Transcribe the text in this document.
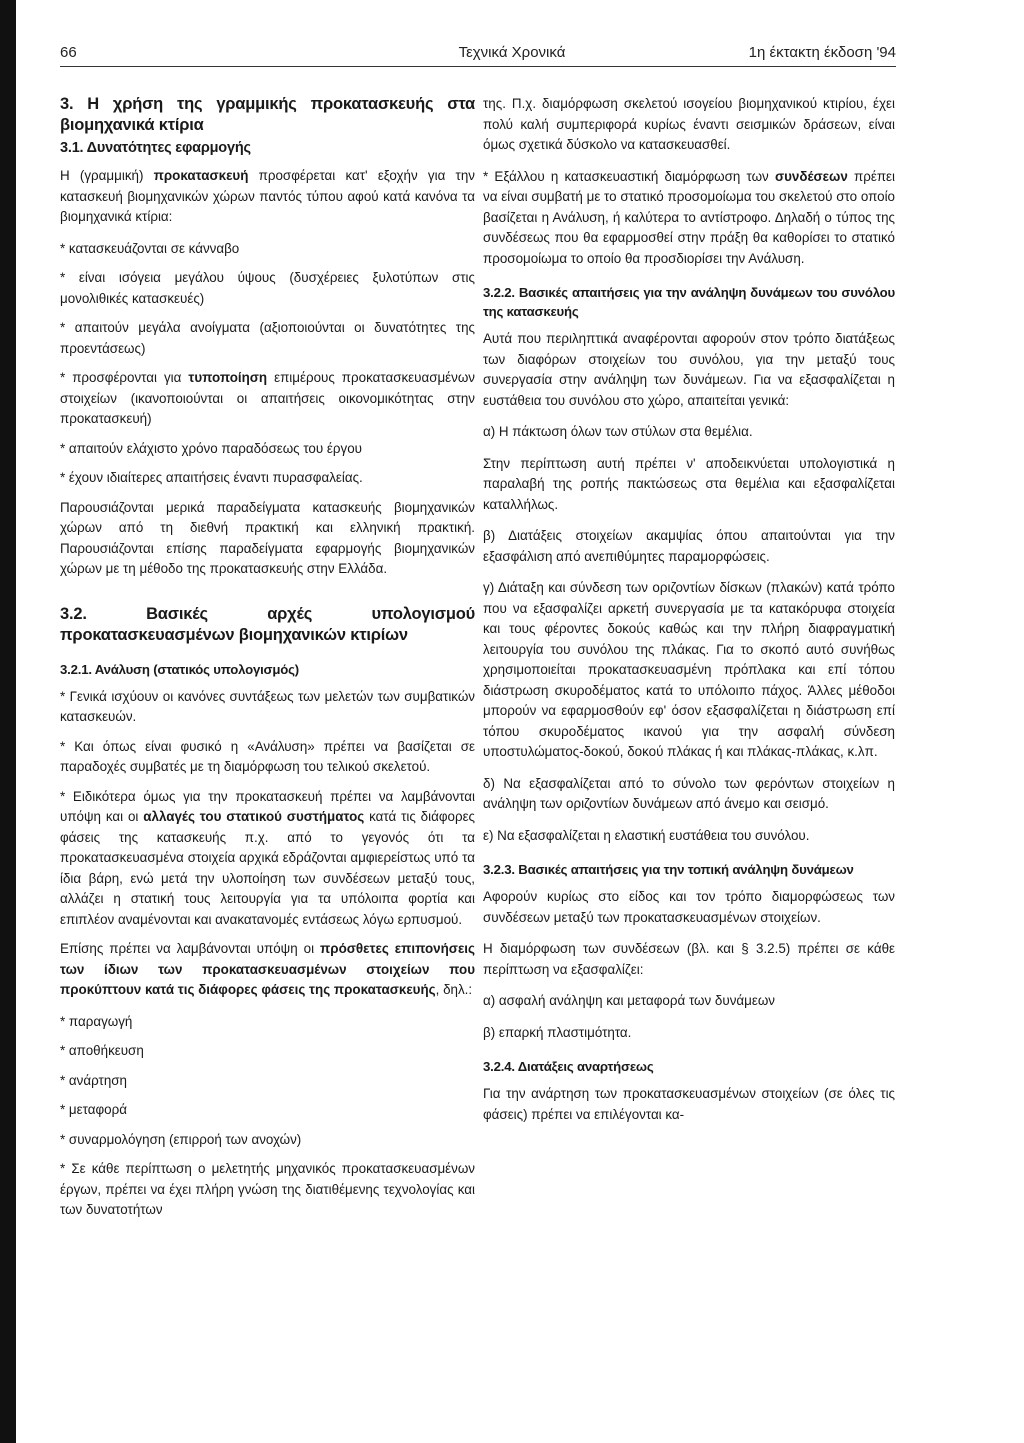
66	Τεχνικά Χρονικά	1η έκτακτη έκδοση '94
3. Η χρήση της γραμμικής προκατασκευής στα βιομηχανικά κτίρια
3.1. Δυνατότητες εφαρμογής

Η (γραμμική) προκατασκευή προσφέρεται κατ' εξοχήν για την κατασκευή βιομηχανικών χώρων παντός τύπου αφού κατά κανόνα τα βιομηχανικά κτίρια:

* κατασκευάζονται σε κάνναβο

* είναι ισόγεια μεγάλου ύψους (δυσχέρειες ξυλοτύπων στις μονολιθικές κατασκευές)

* απαιτούν μεγάλα ανοίγματα (αξιοποιούνται οι δυνατότητες της προεντάσεως)

* προσφέρονται για τυποποίηση επιμέρους προκατασκευασμένων στοιχείων (ικανοποιούνται οι απαιτήσεις οικονομικότητας στην προκατασκευή)

* απαιτούν ελάχιστο χρόνο παραδόσεως του έργου

* έχουν ιδιαίτερες απαιτήσεις έναντι πυρασφαλείας.

Παρουσιάζονται μερικά παραδείγματα κατασκευής βιομηχανικών χώρων από τη διεθνή πρακτική και ελληνική πρακτική. Παρουσιάζονται επίσης παραδείγματα εφαρμογής βιομηχανικών χώρων με τη μέθοδο της προκατασκευής στην Ελλάδα.

3.2. Βασικές αρχές υπολογισμού προκατασκευασμένων βιομηχανικών κτιρίων
3.2.1. Ανάλυση (στατικός υπολογισμός)

* Γενικά ισχύουν οι κανόνες συντάξεως των μελετών των συμβατικών κατασκευών.

* Και όπως είναι φυσικό η «Ανάλυση» πρέπει να βασίζεται σε παραδοχές συμβατές με τη διαμόρφωση του τελικού σκελετού.

* Ειδικότερα όμως για την προκατασκευή πρέπει να λαμβάνονται υπόψη και οι αλλαγές του στατικού συστήματος κατά τις διάφορες φάσεις της κατασκευής π.χ. από το γεγονός ότι τα προκατασκευασμένα στοιχεία αρχικά εδράζονται αμφιερείστως υπό τα ίδια βάρη, ενώ μετά την υλοποίηση των συνδέσεων μεταξύ τους, αλλάζει η στατική τους λειτουργία για τα υπόλοιπα φορτία και επιπλέον αναμένονται και ανακατανομές εντάσεως λόγω ερπυσμού.

Επίσης πρέπει να λαμβάνονται υπόψη οι πρόσθετες επιπονήσεις των ίδιων των προκατασκευασμένων στοιχείων που προκύπτουν κατά τις διάφορες φάσεις της προκατασκευής, δηλ.:

* παραγωγή

* αποθήκευση

* ανάρτηση

* μεταφορά

* συναρμολόγηση (επιρροή των ανοχών)

* Σε κάθε περίπτωση ο μελετητής μηχανικός προκατασκευασμένων έργων, πρέπει να έχει πλήρη γνώση της διατιθέμενης τεχνολογίας και των δυνατοτήτων

της. Π.χ. διαμόρφωση σκελετού ισογείου βιομηχανικού κτιρίου, έχει πολύ καλή συμπεριφορά κυρίως έναντι σεισμικών δράσεων, είναι όμως σχετικά δύσκολο να κατασκευασθεί.

* Εξάλλου η κατασκευαστική διαμόρφωση των συνδέσεων πρέπει να είναι συμβατή με το στατικό προσομοίωμα του σκελετού στο οποίο βασίζεται η Ανάλυση, ή καλύτερα το αντίστροφο. Δηλαδή ο τύπος της συνδέσεως που θα εφαρμοσθεί στην πράξη θα καθορίσει το στατικό προσομοίωμα το οποίο θα προσδιορίσει την Ανάλυση.

3.2.2. Βασικές απαιτήσεις για την ανάληψη δυνάμεων του συνόλου της κατασκευής

Αυτά που περιληπτικά αναφέρονται αφορούν στον τρόπο διατάξεως των διαφόρων στοιχείων του συνόλου, για την μεταξύ τους συνεργασία στην ανάληψη των δυνάμεων. Για να εξασφαλίζεται η ευστάθεια του συνόλου στο χώρο, απαιτείται γενικά:

α) Η πάκτωση όλων των στύλων στα θεμέλια.

Στην περίπτωση αυτή πρέπει ν' αποδεικνύεται υπολογιστικά η παραλαβή της ροπής πακτώσεως στα θεμέλια και εξασφαλίζεται καταλλήλως.

β) Διατάξεις στοιχείων ακαμψίας όπου απαιτούνται για την εξασφάλιση από ανεπιθύμητες παραμορφώσεις.

γ) Διάταξη και σύνδεση των οριζοντίων δίσκων (πλακών) κατά τρόπο που να εξασφαλίζει αρκετή συνεργασία με τα κατακόρυφα στοιχεία και τους φέροντες δοκούς καθώς και την πλήρη διαφραγματική λειτουργία του συνόλου της πλάκας. Για το σκοπό αυτό συνήθως χρησιμοποιείται προκατασκευασμένη πρόπλακα και επί τόπου διάστρωση σκυροδέματος κατά το υπόλοιπο πάχος. Άλλες μέθοδοι μπορούν να εφαρμοσθούν εφ' όσον εξασφαλίζεται η διάστρωση επί τόπου σκυροδέματος ικανού για την ασφαλή σύνδεση υποστυλώματος-δοκού, δοκού πλάκας ή και πλάκας-πλάκας, κ.λπ.

δ) Να εξασφαλίζεται από το σύνολο των φερόντων στοιχείων η ανάληψη των οριζοντίων δυνάμεων από άνεμο και σεισμό.

ε) Να εξασφαλίζεται η ελαστική ευστάθεια του συνόλου.

3.2.3. Βασικές απαιτήσεις για την τοπική ανάληψη δυνάμεων

Αφορούν κυρίως στο είδος και τον τρόπο διαμορφώσεως των συνδέσεων μεταξύ των προκατασκευασμένων στοιχείων.

Η διαμόρφωση των συνδέσεων (βλ. και § 3.2.5) πρέπει σε κάθε περίπτωση να εξασφαλίζει:

α) ασφαλή ανάληψη και μεταφορά των δυνάμεων

β) επαρκή πλαστιμότητα.

3.2.4. Διατάξεις αναρτήσεως

Για την ανάρτηση των προκατασκευασμένων στοιχείων (σε όλες τις φάσεις) πρέπει να επιλέγονται κα-
